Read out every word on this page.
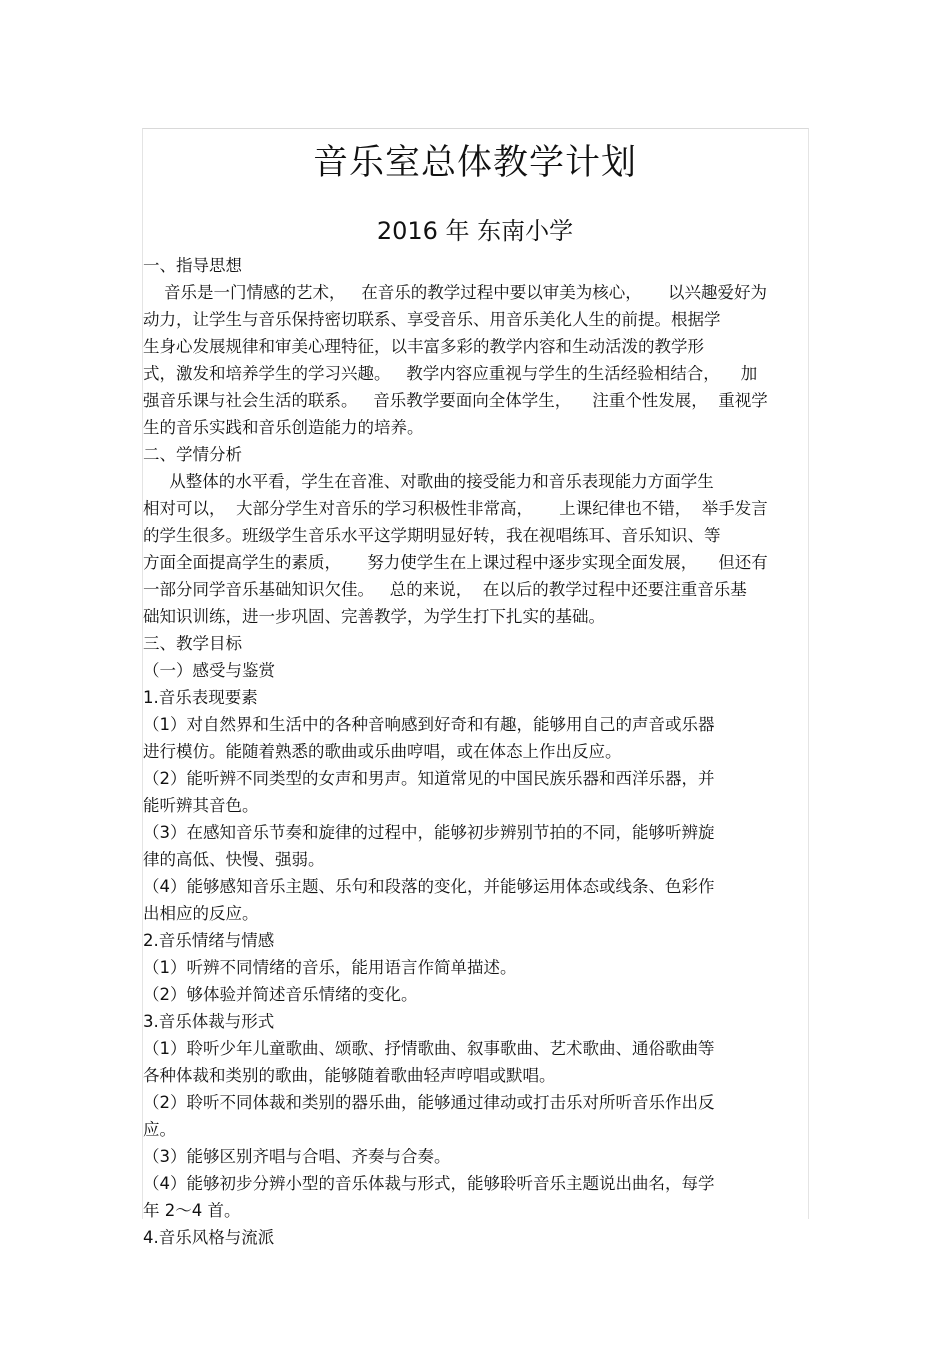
音乐室总体教学计划
2016 年 东南小学
一、指导思想
音乐是一门情感的艺术，   在音乐的教学过程中要以审美为核心，     以兴趣爱好为
动力，让学生与音乐保持密切联系、享受音乐、用音乐美化人生的前提。根据学
生身心发展规律和审美心理特征，以丰富多彩的教学内容和生动活泼的教学形
式，激发和培养学生的学习兴趣。   教学内容应重视与学生的生活经验相结合，    加
强音乐课与社会生活的联系。   音乐教学要面向全体学生，    注重个性发展，  重视学
生的音乐实践和音乐创造能力的培养。
二、学情分析
从整体的水平看，学生在音准、对歌曲的接受能力和音乐表现能力方面学生
相对可以，  大部分学生对音乐的学习积极性非常高，     上课纪律也不错，  举手发言
的学生很多。班级学生音乐水平这学期明显好转，我在视唱练耳、音乐知识、等
方面全面提高学生的素质，     努力使学生在上课过程中逐步实现全面发展，    但还有
一部分同学音乐基础知识欠佳。   总的来说，  在以后的教学过程中还要注重音乐基
础知识训练，进一步巩固、完善教学，为学生打下扎实的基础。
三、教学目标
（一）感受与鉴赏
1.音乐表现要素
（1）对自然界和生活中的各种音响感到好奇和有趣，能够用自己的声音或乐器
进行模仿。能随着熟悉的歌曲或乐曲哼唱，或在体态上作出反应。
（2）能听辨不同类型的女声和男声。知道常见的中国民族乐器和西洋乐器，并
能听辨其音色。
（3）在感知音乐节奏和旋律的过程中，能够初步辨别节拍的不同，能够听辨旋
律的高低、快慢、强弱。
（4）能够感知音乐主题、乐句和段落的变化，并能够运用体态或线条、色彩作
出相应的反应。
2.音乐情绪与情感
（1）听辨不同情绪的音乐，能用语言作简单描述。
（2）够体验并简述音乐情绪的变化。
3.音乐体裁与形式
（1）聆听少年儿童歌曲、颂歌、抒情歌曲、叙事歌曲、艺术歌曲、通俗歌曲等
各种体裁和类别的歌曲，能够随着歌曲轻声哼唱或默唱。
（2）聆听不同体裁和类别的器乐曲，能够通过律动或打击乐对所听音乐作出反
应。
（3）能够区别齐唱与合唱、齐奏与合奏。
（4）能够初步分辨小型的音乐体裁与形式，能够聆听音乐主题说出曲名，每学
年 2～4 首。
4.音乐风格与流派
